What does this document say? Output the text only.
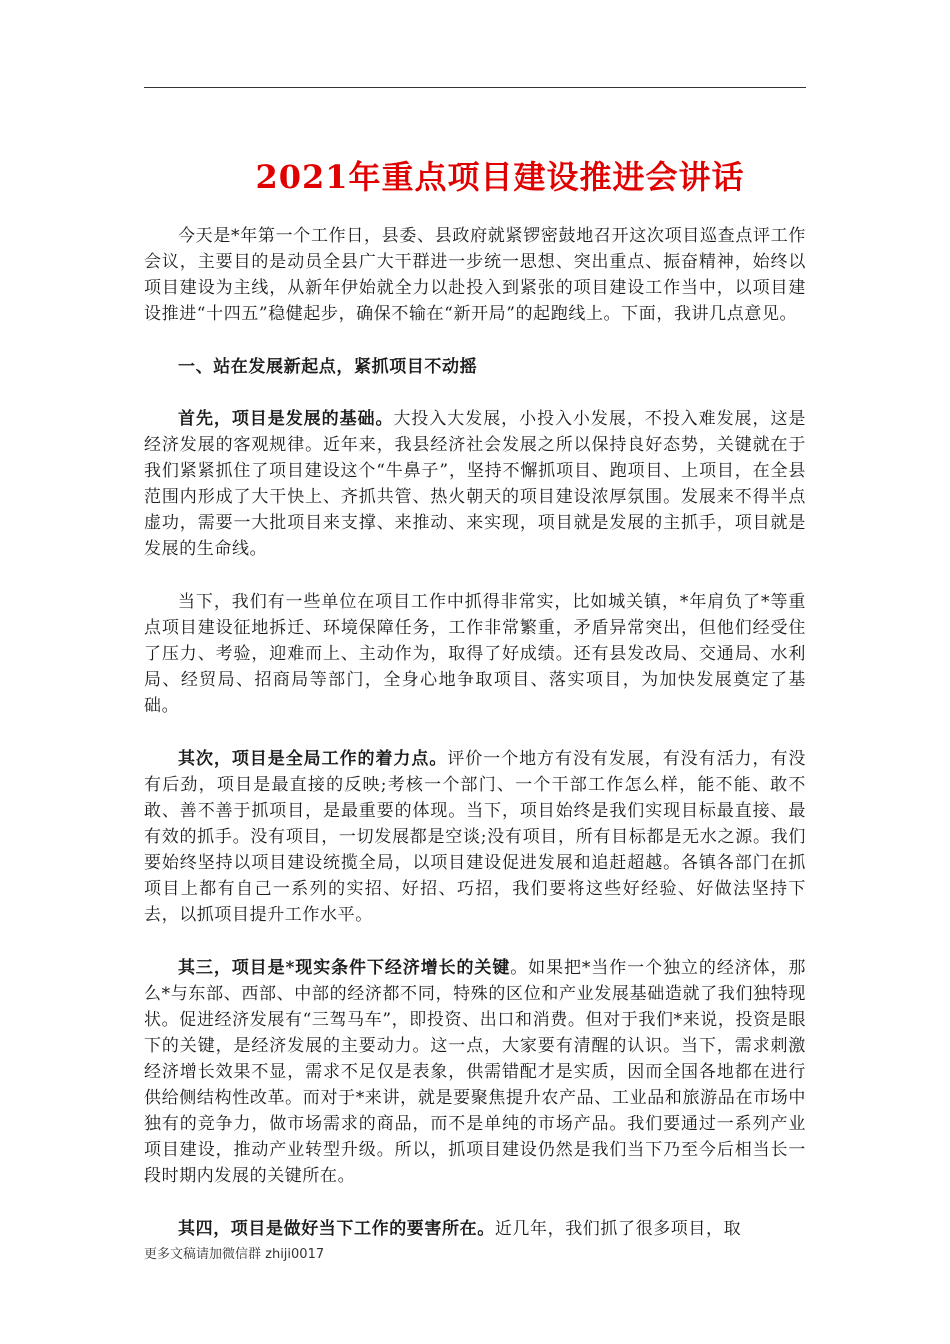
2021年重点项目建设推进会讲话

今天是*年第一个工作日，县委、县政府就紧锣密鼓地召开这次项目巡查点评工作会议，主要目的是动员全县广大干群进一步统一思想、突出重点、振奋精神，始终以项目建设为主线，从新年伊始就全力以赴投入到紧张的项目建设工作当中，以项目建设推进“十四五”稳健起步，确保不输在“新开局”的起跑线上。下面，我讲几点意见。

一、站在发展新起点，紧抓项目不动摇

首先，项目是发展的基础。大投入大发展，小投入小发展，不投入难发展，这是经济发展的客观规律。近年来，我县经济社会发展之所以保持良好态势，关键就在于我们紧紧抓住了项目建设这个“牛鼻子”，坚持不懈抓项目、跑项目、上项目，在全县范围内形成了大干快上、齐抓共管、热火朝天的项目建设浓厚氛围。发展来不得半点虚功，需要一大批项目来支撑、来推动、来实现，项目就是发展的主抓手，项目就是发展的生命线。

当下，我们有一些单位在项目工作中抓得非常实，比如城关镇，*年肩负了*等重点项目建设征地拆迁、环境保障任务，工作非常繁重，矛盾异常突出，但他们经受住了压力、考验，迎难而上、主动作为，取得了好成绩。还有县发改局、交通局、水利局、经贸局、招商局等部门，全身心地争取项目、落实项目，为加快发展奠定了基础。

其次，项目是全局工作的着力点。评价一个地方有没有发展，有没有活力，有没有后劲，项目是最直接的反映;考核一个部门、一个干部工作怎么样，能不能、敢不敢、善不善于抓项目，是最重要的体现。当下，项目始终是我们实现目标最直接、最有效的抓手。没有项目，一切发展都是空谈;没有项目，所有目标都是无水之源。我们要始终坚持以项目建设统揽全局，以项目建设促进发展和追赶超越。各镇各部门在抓项目上都有自己一系列的实招、好招、巧招，我们要将这些好经验、好做法坚持下去，以抓项目提升工作水平。

其三，项目是*现实条件下经济增长的关键。如果把*当作一个独立的经济体，那么*与东部、西部、中部的经济都不同，特殊的区位和产业发展基础造就了我们独特现状。促进经济发展有“三驾马车”，即投资、出口和消费。但对于我们*来说，投资是眼下的关键，是经济发展的主要动力。这一点，大家要有清醒的认识。当下，需求刺激经济增长效果不显，需求不足仅是表象，供需错配才是实质，因而全国各地都在进行供给侧结构性改革。而对于*来讲，就是要聚焦提升农产品、工业品和旅游品在市场中独有的竞争力，做市场需求的商品，而不是单纯的市场产品。我们要通过一系列产业项目建设，推动产业转型升级。所以，抓项目建设仍然是我们当下乃至今后相当长一段时期内发展的关键所在。

其四，项目是做好当下工作的要害所在。近几年，我们抓了很多项目，取

更多文稿请加微信群 zhiji0017
